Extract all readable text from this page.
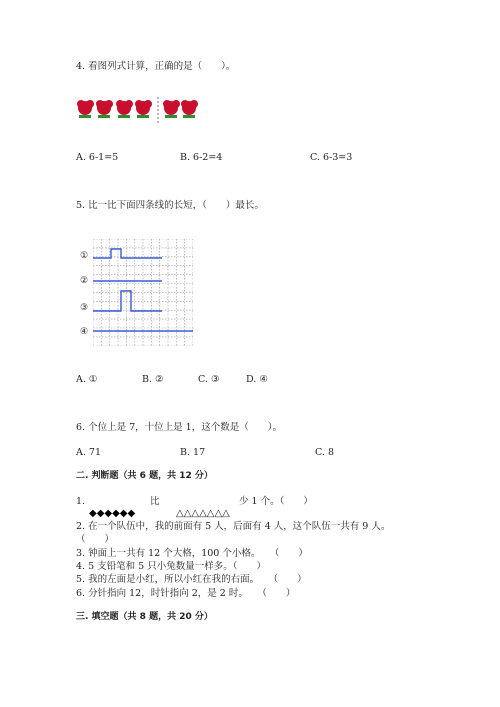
4. 看图列式计算，正确的是（　　）。
A. 6-1=5	B. 6-2=4	C. 6-3=3
5. 比一比下面四条线的长短，（　　）最长。
①
②
③
④
A. ①	B. ②	C. ③	D. ④
6. 个位上是 7，十位上是 1，这个数是（　　）。
A. 71	B. 17	C. 8
二. 判断题（共 6 题，共 12 分）
1.	比	少 1 个。（　　）
◆◆◆◆◆◆	△△△△△△△
2. 在一个队伍中，我的前面有 5 人，后面有 4 人，这个队伍一共有 9 人。
（　　）
3. 钟面上一共有 12 个大格，100 个小格。　　（　　）
4. 5 支铅笔和 5 只小兔数量一样多。（　　）
5. 我的左面是小红，所以小红在我的右面。　　（　　）
6. 分针指向 12，时针指向 2，是 2 时。　　（　　）
三. 填空题（共 8 题，共 20 分）
